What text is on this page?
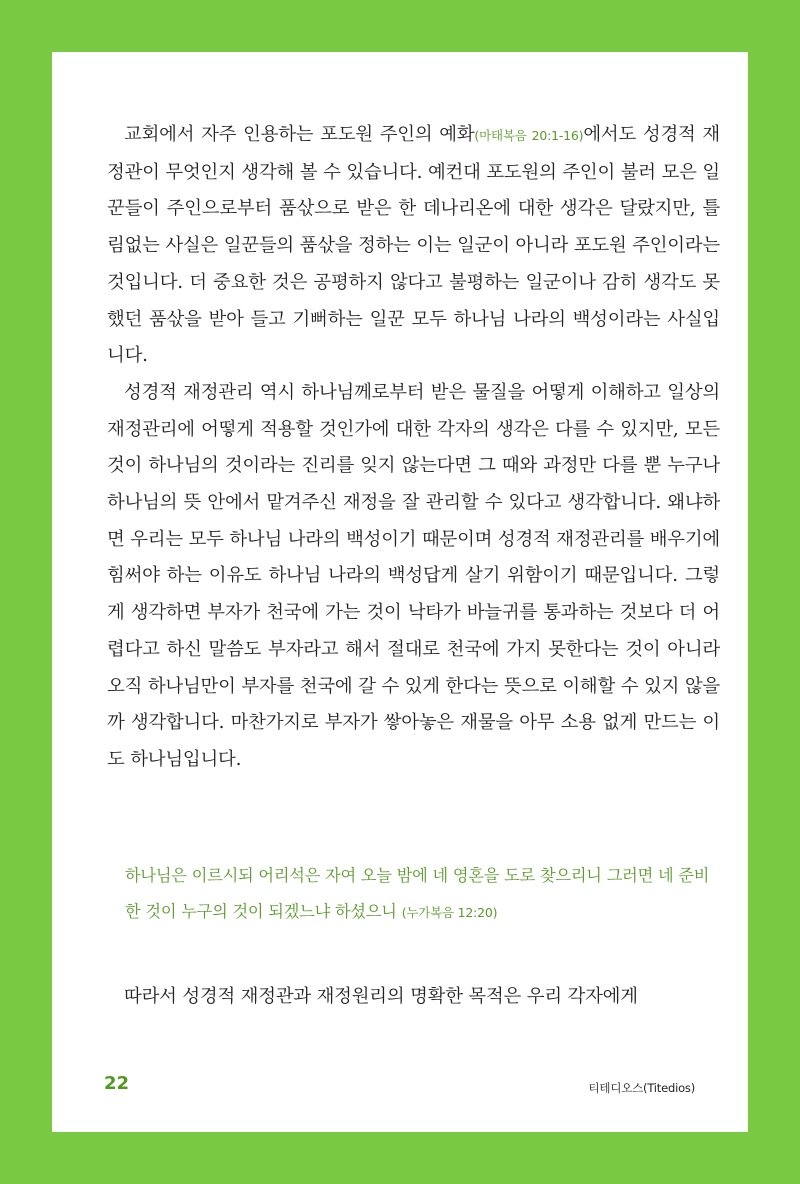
교회에서 자주 인용하는 포도원 주인의 예화(마태복음 20:1-16)에서도 성경적 재정관이 무엇인지 생각해 볼 수 있습니다. 예컨대 포도원의 주인이 불러 모은 일꾼들이 주인으로부터 품삯으로 받은 한 데나리온에 대한 생각은 달랐지만, 틀림없는 사실은 일꾼들의 품삯을 정하는 이는 일군이 아니라 포도원 주인이라는 것입니다. 더 중요한 것은 공평하지 않다고 불평하는 일군이나 감히 생각도 못 했던 품삯을 받아 들고 기뻐하는 일꾼 모두 하나님 나라의 백성이라는 사실입니다.

성경적 재정관리 역시 하나님께로부터 받은 물질을 어떻게 이해하고 일상의 재정관리에 어떻게 적용할 것인가에 대한 각자의 생각은 다를 수 있지만, 모든 것이 하나님의 것이라는 진리를 잊지 않는다면 그 때와 과정만 다를 뿐 누구나 하나님의 뜻 안에서 맡겨주신 재정을 잘 관리할 수 있다고 생각합니다. 왜냐하면 우리는 모두 하나님 나라의 백성이기 때문이며 성경적 재정관리를 배우기에 힘써야 하는 이유도 하나님 나라의 백성답게 살기 위함이기 때문입니다. 그렇게 생각하면 부자가 천국에 가는 것이 낙타가 바늘귀를 통과하는 것보다 더 어렵다고 하신 말씀도 부자라고 해서 절대로 천국에 가지 못한다는 것이 아니라 오직 하나님만이 부자를 천국에 갈 수 있게 한다는 뜻으로 이해할 수 있지 않을까 생각합니다. 마찬가지로 부자가 쌓아놓은 재물을 아무 소용 없게 만드는 이도 하나님입니다.

하나님은 이르시되 어리석은 자여 오늘 밤에 네 영혼을 도로 찾으리니 그러면 네 준비한 것이 누구의 것이 되겠느냐 하셨으니 (누가복음 12:20)

따라서 성경적 재정관과 재정원리의 명확한 목적은 우리 각자에게

22	티테디오스(Titedios)
